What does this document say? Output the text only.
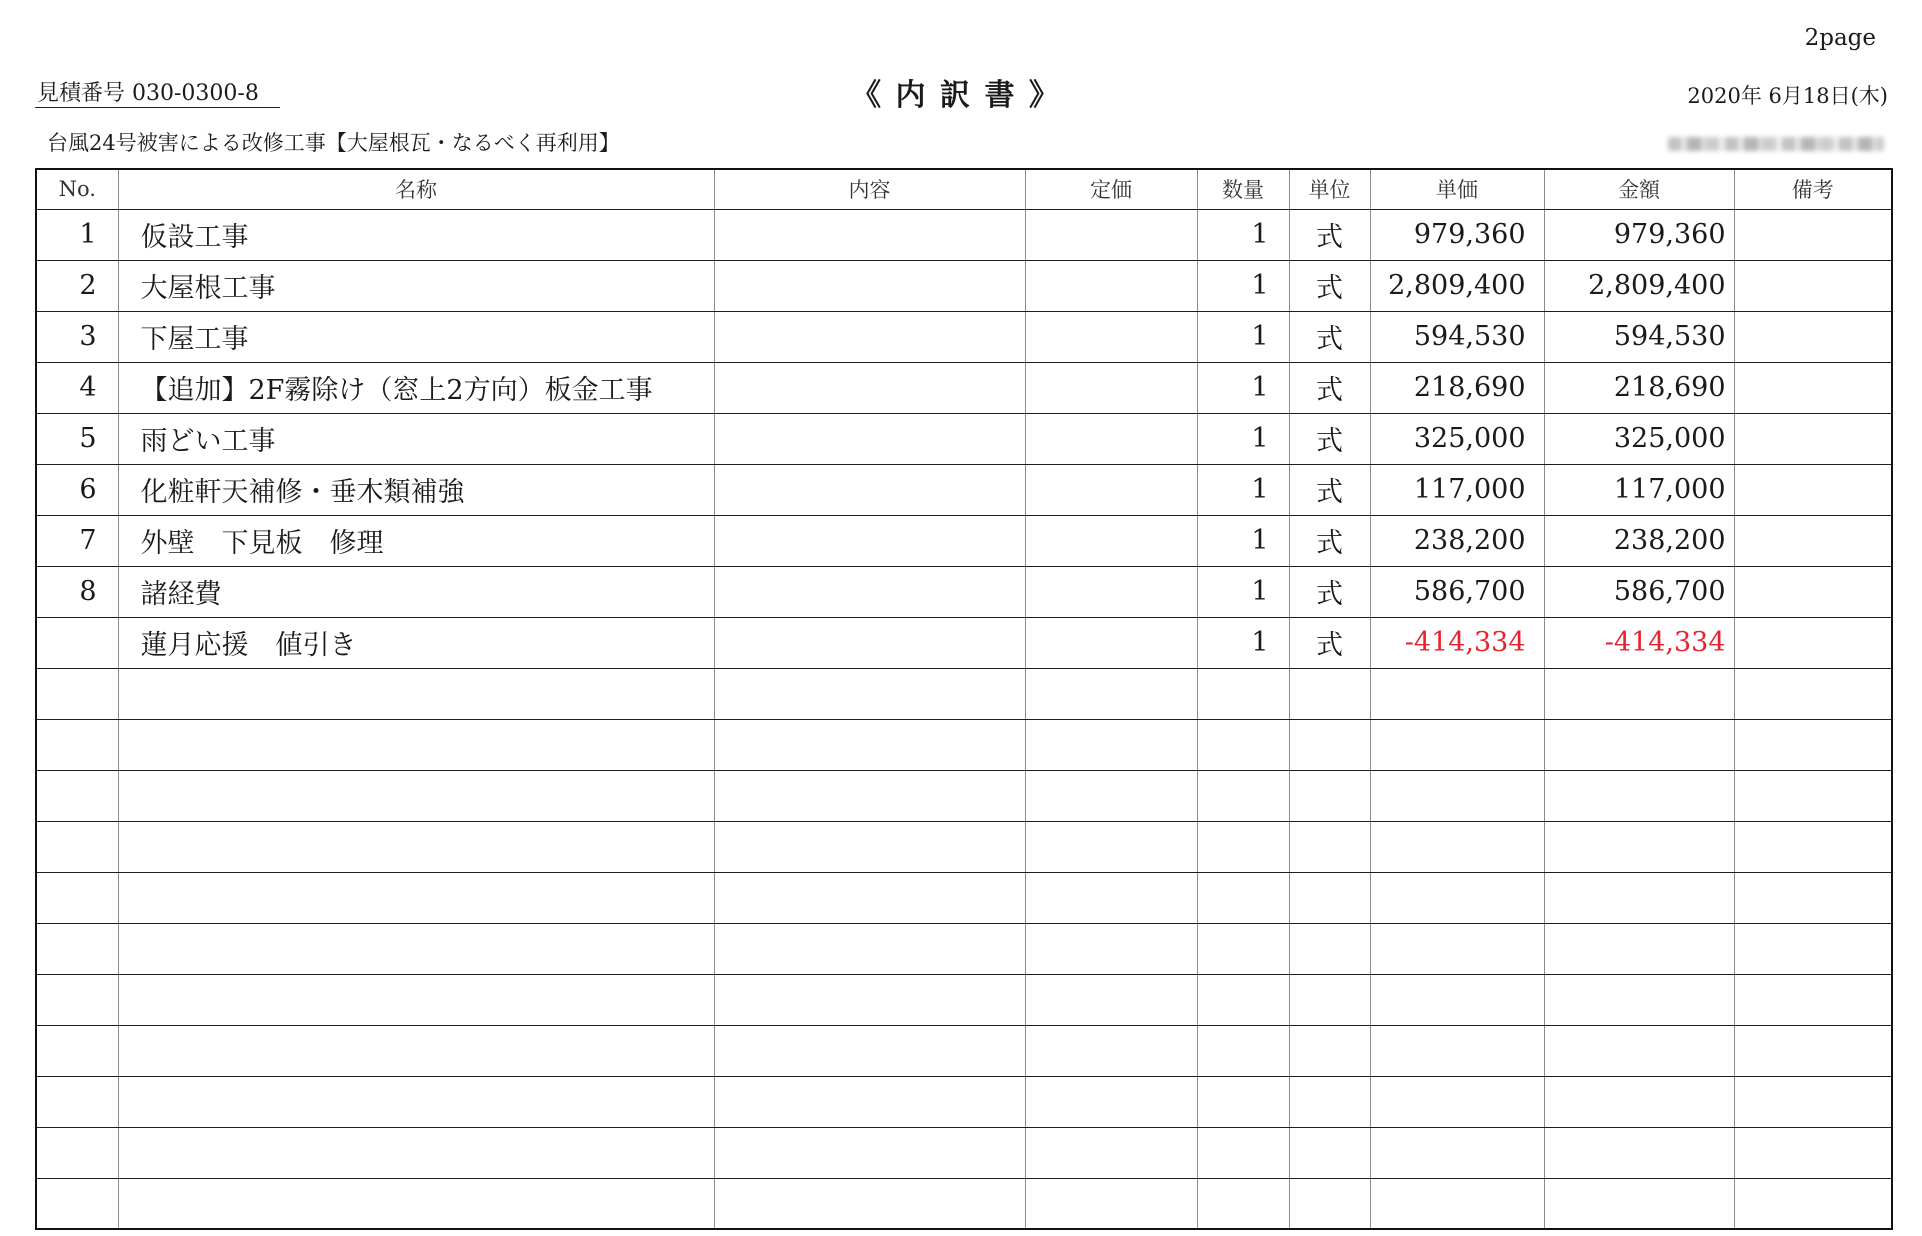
2page
見積番号 030-0300-8	《 内 訳 書 》	2020年 6月18日(木)
台風24号被害による改修工事【大屋根瓦・なるべく再利用】
No.	名称	内容	定価	数量	単位	単価	金額	備考
1	仮設工事			1	式	979,360	979,360	
2	大屋根工事			1	式	2,809,400	2,809,400	
3	下屋工事			1	式	594,530	594,530	
4	【追加】2F霧除け（窓上2方向）板金工事			1	式	218,690	218,690	
5	雨どい工事			1	式	325,000	325,000	
6	化粧軒天補修・垂木類補強			1	式	117,000	117,000	
7	外壁　下見板　修理			1	式	238,200	238,200	
8	諸経費			1	式	586,700	586,700	
	蓮月応援　値引き			1	式	-414,334	-414,334	
